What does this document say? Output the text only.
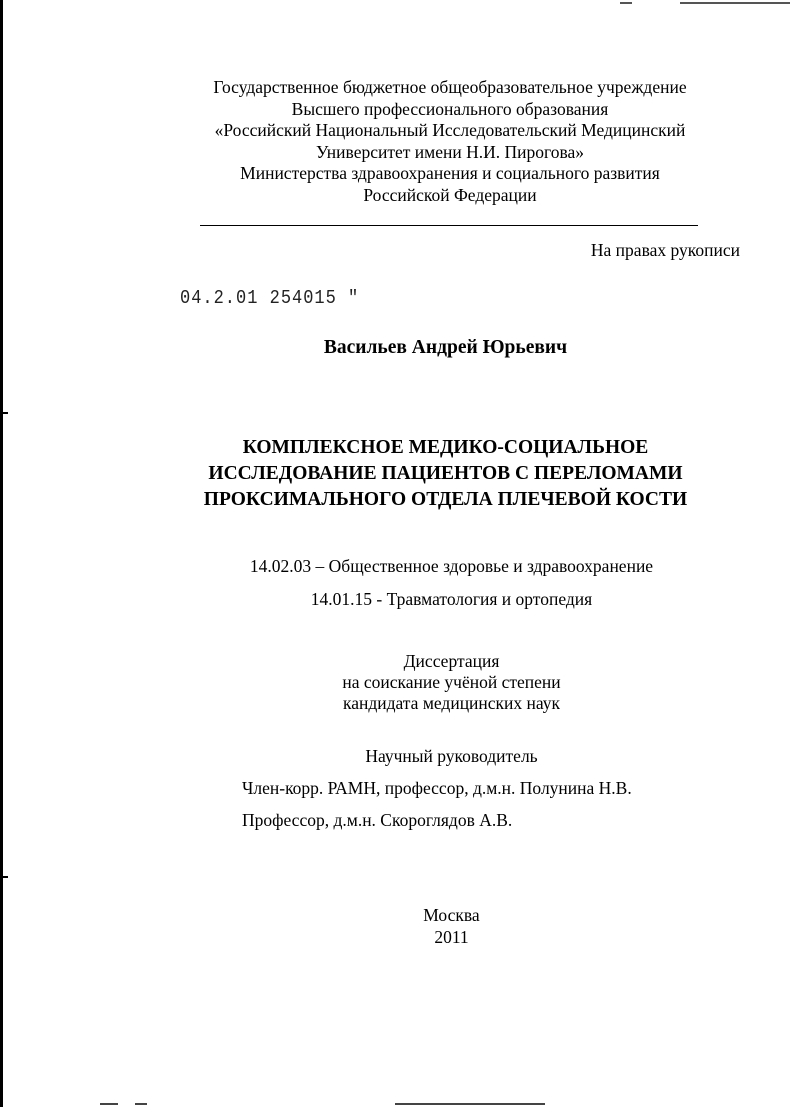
Государственное бюджетное общеобразовательное учреждение
Высшего профессионального образования
«Российский Национальный Исследовательский Медицинский
Университет имени Н.И. Пирогова»
Министерства здравоохранения и социального развития
Российской Федерации
На правах рукописи
04.2.01 254015 "
Васильев Андрей Юрьевич
КОМПЛЕКСНОЕ МЕДИКО-СОЦИАЛЬНОЕ
ИССЛЕДОВАНИЕ ПАЦИЕНТОВ С ПЕРЕЛОМАМИ
ПРОКСИМАЛЬНОГО ОТДЕЛА ПЛЕЧЕВОЙ КОСТИ
14.02.03 – Общественное здоровье и здравоохранение
14.01.15 - Травматология и ортопедия
Диссертация
на соискание учёной степени
кандидата медицинских наук
Научный руководитель
Член-корр. РАМН, профессор, д.м.н. Полунина Н.В.
Профессор, д.м.н. Скороглядов А.В.
Москва
2011
